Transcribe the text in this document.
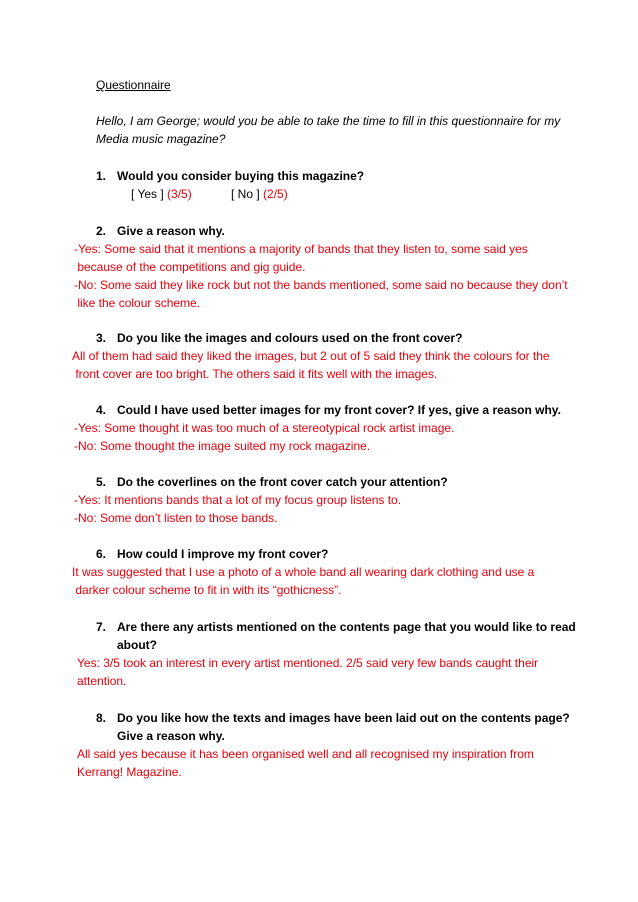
Questionnaire
Hello, I am George; would you be able to take the time to fill in this questionnaire for my
Media music magazine?
1. Would you consider buying this magazine?
[ Yes ] (3/5)	[ No ] (2/5)
2. Give a reason why.
-Yes: Some said that it mentions a majority of bands that they listen to, some said yes
because of the competitions and gig guide.
-No: Some said they like rock but not the bands mentioned, some said no because they don’t
like the colour scheme.
3. Do you like the images and colours used on the front cover?
All of them had said they liked the images, but 2 out of 5 said they think the colours for the
front cover are too bright. The others said it fits well with the images.
4. Could I have used better images for my front cover? If yes, give a reason why.
-Yes: Some thought it was too much of a stereotypical rock artist image.
-No: Some thought the image suited my rock magazine.
5. Do the coverlines on the front cover catch your attention?
-Yes: It mentions bands that a lot of my focus group listens to.
-No: Some don’t listen to those bands.
6. How could I improve my front cover?
It was suggested that I use a photo of a whole band all wearing dark clothing and use a
darker colour scheme to fit in with its “gothicness”.
7. Are there any artists mentioned on the contents page that you would like to read
about?
Yes: 3/5 took an interest in every artist mentioned. 2/5 said very few bands caught their
attention.
8. Do you like how the texts and images have been laid out on the contents page?
Give a reason why.
All said yes because it has been organised well and all recognised my inspiration from
Kerrang! Magazine.
